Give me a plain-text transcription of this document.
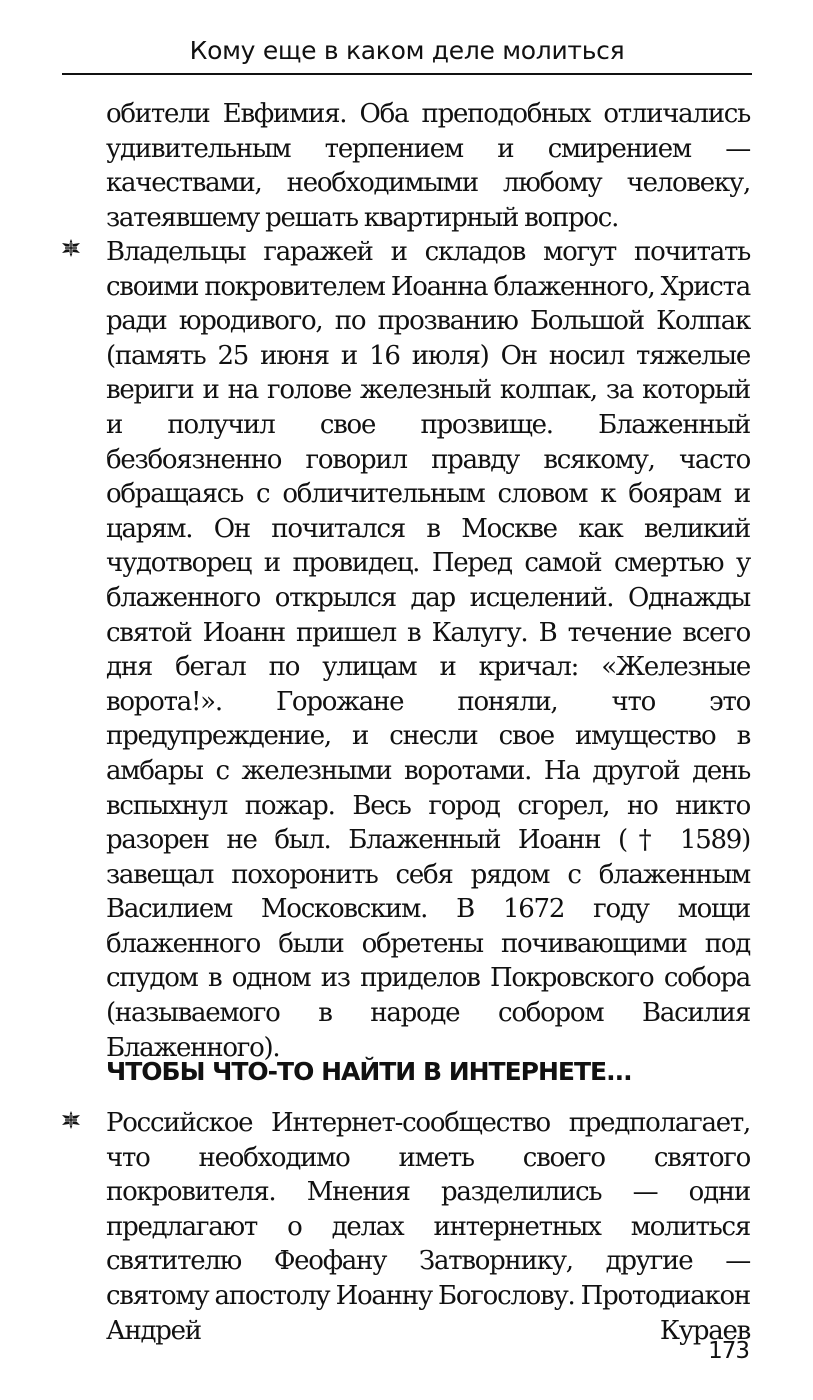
Кому еще в каком деле молиться

обители Евфимия. Оба преподобных отличались удивительным терпением и смирением — качествами, необходимыми любому человеку, затеявшему решать квартирный вопрос.

Владельцы гаражей и складов могут почитать своими покровителем Иоанна блаженного, Христа ради юродивого, по прозванию Большой Колпак (память 25 июня и 16 июля) Он носил тяжелые вериги и на голове железный колпак, за который и получил свое прозвище. Блаженный безбоязненно говорил правду всякому, часто обращаясь с обличительным словом к боярам и царям. Он почитался в Москве как великий чудотворец и провидец. Перед самой смертью у блаженного открылся дар исцелений. Однажды святой Иоанн пришел в Калугу. В течение всего дня бегал по улицам и кричал: «Железные ворота!». Горожане поняли, что это предупреждение, и снесли свое имущество в амбары с железными воротами. На другой день вспыхнул пожар. Весь город сгорел, но никто разорен не был. Блаженный Иоанн († 1589) завещал похоронить себя рядом с блаженным Василием Московским. В 1672 году мощи блаженного были обретены почивающими под спудом в одном из приделов Покровского собора (называемого в народе собором Василия Блаженного).

ЧТОБЫ ЧТО-ТО НАЙТИ В ИНТЕРНЕТЕ...

Российское Интернет-сообщество предполагает, что необходимо иметь своего святого покровителя. Мнения разделились — одни предлагают о делах интернетных молиться святителю Феофану Затворнику, другие — святому апостолу Иоанну Богослову. Протодиакон Андрей Кураев

173
